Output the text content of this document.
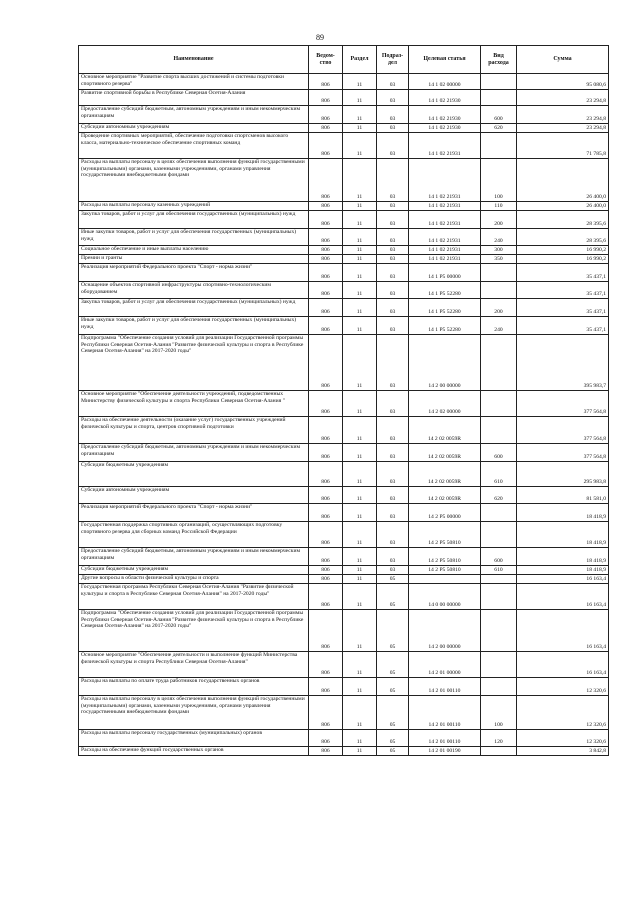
89
Наименование	Ведом-ство	Раздел	Подраз-дел	Целевая статья	Вид расхода	Сумма
Основное мероприятие "Развитие спорта высших достижений и системы подготовки спортивного резерва"	806	11	03	14 1 02 00000		95 080,6
Развитие спортивной борьбы в Республике Северная Осетия-Алания	806	11	03	14 1 02 21930		23 294,8
Предоставление субсидий бюджетным, автономным учреждениям и иным некоммерческим организациям	806	11	03	14 1 02 21930	600	23 294,8
Субсидии автономным учреждениям	806	11	03	14 1 02 21930	620	23 294,8
Проведение спортивных мероприятий, обеспечение подготовки спортсменов высокого класса, материально-техническое обеспечение спортивных команд	806	11	03	14 1 02 21931		71 785,8
Расходы на выплаты персоналу в целях обеспечения выполнения функций государственными (муниципальными) органами, казенными учреждениями, органами управления государственными внебюджетными фондами	806	11	03	14 1 02 21931	100	26 400,0
Расходы на выплаты персоналу казенных учреждений	806	11	03	14 1 02 21931	110	26 400,0
Закупка товаров, работ и услуг для обеспечения государственных (муниципальных) нужд	806	11	03	14 1 02 21931	200	28 395,6
Иные закупки товаров, работ и услуг для обеспечения государственных (муниципальных) нужд	806	11	03	14 1 02 21931	240	28 395,6
Социальное обеспечение и иные выплаты населению	806	11	03	14 1 02 21931	300	16 990,2
Премии и гранты	806	11	03	14 1 02 21931	350	16 990,2
Реализация мероприятий Федерального проекта "Спорт - норма жизни"	806	11	03	14 1 P5 00000		35 437,1
Оснащение объектов спортивной инфраструктуры спортивно-технологическим оборудованием	806	11	03	14 1 P5 52280		35 437,1
Закупка товаров, работ и услуг для обеспечения государственных (муниципальных) нужд	806	11	03	14 1 P5 52280	200	35 437,1
Иные закупки товаров, работ и услуг для обеспечения государственных (муниципальных) нужд	806	11	03	14 1 P5 52280	240	35 437,1
Подпрограмма "Обеспечение создания условий для реализации Государственной программы Республики Северная Осетия-Алания "Развитие физической культуры и спорта в Республике Северная Осетия-Алания" на 2017-2020 годы"	806	11	03	14 2 00 00000		395 983,7
Основное мероприятие "Обеспечение деятельности учреждений, подведомственных Министерству физической культуры и спорта Республики Северная Осетия-Алания "	806	11	03	14 2 02 00000		377 564,8
Расходы на обеспечение деятельности (оказание услуг) государственных учреждений физической культуры и спорта, центров спортивной подготовки	806	11	03	14 2 02 0059R		377 564,8
Предоставление субсидий бюджетным, автономным учреждениям и иным некоммерческим организациям	806	11	03	14 2 02 0059R	600	377 564,8
Субсидии бюджетным учреждениям	806	11	03	14 2 02 0059R	610	295 983,8
Субсидии автономным учреждениям	806	11	03	14 2 02 0059R	620	81 581,0
Реализация мероприятий Федерального проекта "Спорт - норма жизни"	806	11	03	14 2 P5 00000		18 418,9
Государственная поддержка спортивных организаций, осуществляющих подготовку спортивного резерва для сборных команд Российской Федерации	806	11	03	14 2 P5 50810		18 418,9
Предоставление субсидий бюджетным, автономным учреждениям и иным некоммерческим организациям	806	11	03	14 2 P5 50810	600	18 418,9
Субсидии бюджетным учреждениям	806	11	03	14 2 P5 50810	610	18 418,9
Другие вопросы в области физической культуры и спорта	806	11	05			16 163,4
Государственная программа Республики Северная Осетия-Алания "Развитие физической культуры и спорта в Республике Северная Осетия-Алания" на 2017-2020 годы"	806	11	05	14 0 00 00000		16 163,4
Подпрограмма "Обеспечение создания условий для реализации Государственной программы Республики Северная Осетия-Алания "Развитие физической культуры и спорта в Республике Северная Осетия-Алания" на 2017-2020 годы"	806	11	05	14 2 00 00000		16 163,4
Основное мероприятие "Обеспечение деятельности и выполнение функций Министерства физической культуры и спорта Республики Северная Осетия-Алания"	806	11	05	14 2 01 00000		16 163,4
Расходы на выплаты по оплате труда работников государственных органов	806	11	05	14 2 01 00110		12 320,6
Расходы на выплаты персоналу в целях обеспечения выполнения функций государственными (муниципальными) органами, казенными учреждениями, органами управления государственными внебюджетными фондами	806	11	05	14 2 01 00110	100	12 320,6
Расходы на выплаты персоналу государственных (муниципальных) органов	806	11	05	14 2 01 00110	120	12 320,6
Расходы на обеспечение функций государственных органов	806	11	05	14 2 01 00190		3 842,8
